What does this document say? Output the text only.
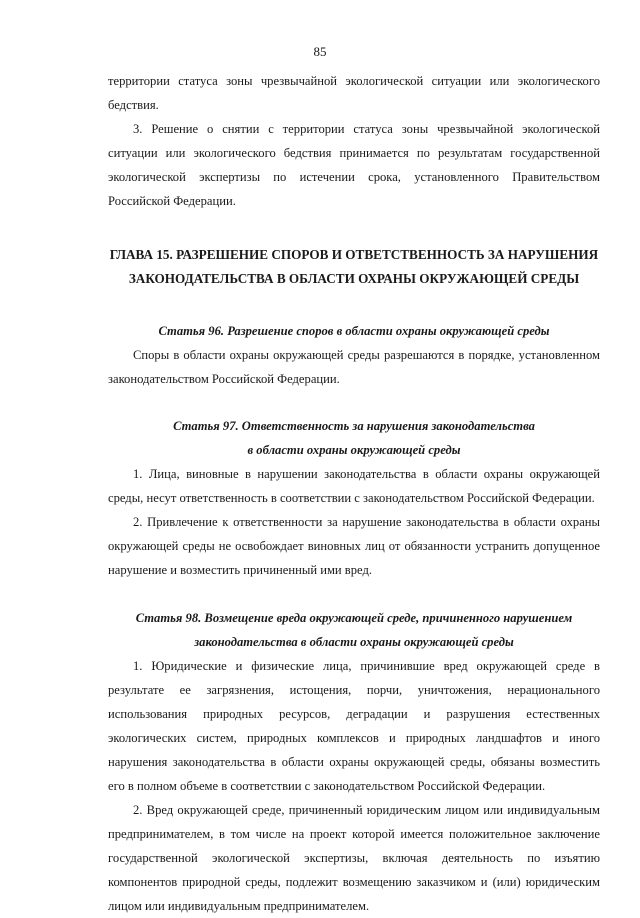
85

территории статуса зоны чрезвычайной экологической ситуации или экологического бедствия.

3. Решение о снятии с территории статуса зоны чрезвычайной экологической ситуации или экологического бедствия принимается по результатам государственной экологической экспертизы по истечении срока, установленного Правительством Российской Федерации.

ГЛАВА 15. РАЗРЕШЕНИЕ СПОРОВ И ОТВЕТСТВЕННОСТЬ ЗА НАРУШЕНИЯ
ЗАКОНОДАТЕЛЬСТВА В ОБЛАСТИ ОХРАНЫ ОКРУЖАЮЩЕЙ СРЕДЫ
Статья 96. Разрешение споров в области охраны окружающей среды

Споры в области охраны окружающей среды разрешаются в порядке, установленном законодательством Российской Федерации.

Статья 97. Ответственность за нарушения законодательства
в области охраны окружающей среды

1. Лица, виновные в нарушении законодательства в области охраны окружающей среды, несут ответственность в соответствии с законодательством Российской Федерации.

2. Привлечение к ответственности за нарушение законодательства в области охраны окружающей среды не освобождает виновных лиц от обязанности устранить допущенное нарушение и возместить причиненный ими вред.

Статья 98. Возмещение вреда окружающей среде, причиненного нарушением
законодательства в области охраны окружающей среды

1. Юридические и физические лица, причинившие вред окружающей среде в результате ее загрязнения, истощения, порчи, уничтожения, нерационального использования природных ресурсов, деградации и разрушения естественных экологических систем, природных комплексов и природных ландшафтов и иного нарушения законодательства в области охраны окружающей среды, обязаны возместить его в полном объеме в соответствии с законодательством Российской Федерации.

2. Вред окружающей среде, причиненный юридическим лицом или индивидуальным предпринимателем, в том числе на проект которой имеется положительное заключение государственной экологической экспертизы, включая деятельность по изъятию компонентов природной среды, подлежит возмещению заказчиком и (или) юридическим лицом или индивидуальным предпринимателем.
